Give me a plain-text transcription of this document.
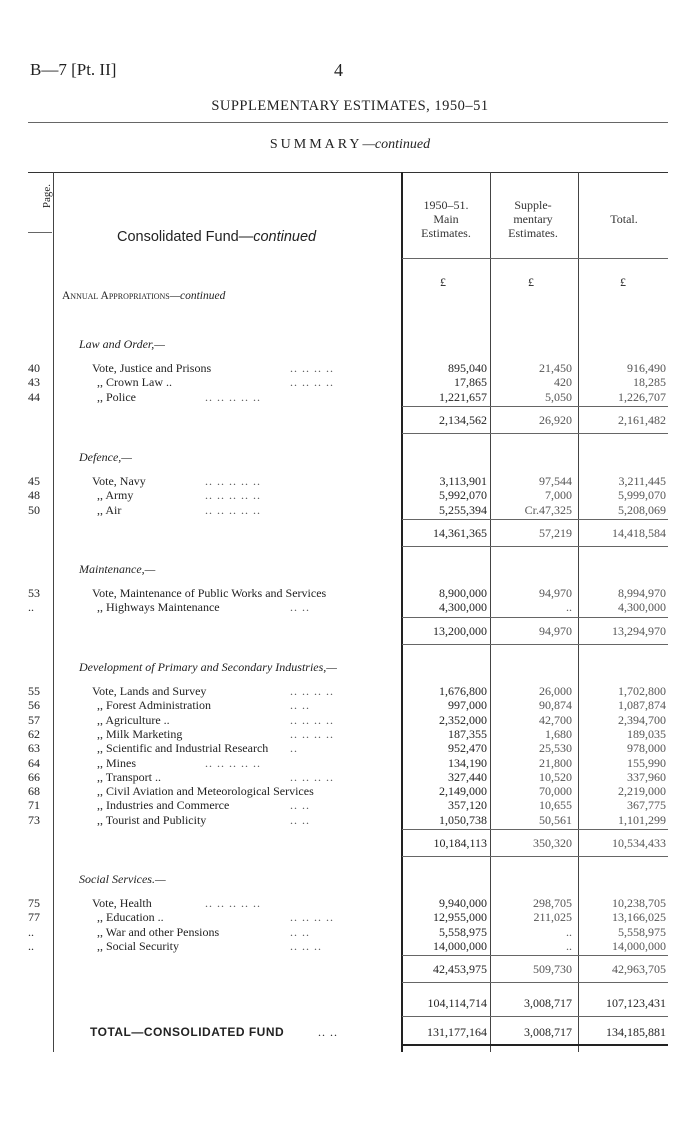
B—7 [Pt. II]	4
SUPPLEMENTARY ESTIMATES, 1950–51
SUMMARY—continued
Page.
Consolidated Fund—continued
1950–51.
Main
Estimates.
Supple-
mentary
Estimates.
Total.
£	£	£
Annual Appropriations—continued
Law and Order,—
40	Vote, Justice and Prisons	.. .. .. ..	895,040	21,450	916,490
43	,, Crown Law ..	.. .. .. ..	17,865	420	18,285
44	,, Police	.. .. .. .. ..	1,221,657	5,050	1,226,707
2,134,562	26,920	2,161,482
Defence,—
45	Vote, Navy	.. .. .. .. ..	3,113,901	97,544	3,211,445
48	,, Army	.. .. .. .. ..	5,992,070	7,000	5,999,070
50	,, Air	.. .. .. .. ..	5,255,394	Cr.47,325	5,208,069
14,361,365	57,219	14,418,584
Maintenance,—
53	Vote, Maintenance of Public Works and Services	8,900,000	94,970	8,994,970
..	,, Highways Maintenance	.. ..	4,300,000	..	4,300,000
13,200,000	94,970	13,294,970
Development of Primary and Secondary Industries,—
55	Vote, Lands and Survey	.. .. .. ..	1,676,800	26,000	1,702,800
56	,, Forest Administration	.. ..	997,000	90,874	1,087,874
57	,, Agriculture ..	.. .. .. ..	2,352,000	42,700	2,394,700
62	,, Milk Marketing	.. .. .. ..	187,355	1,680	189,035
63	,, Scientific and Industrial Research ..	952,470	25,530	978,000
64	,, Mines	.. .. .. .. ..	134,190	21,800	155,990
66	,, Transport ..	.. .. .. ..	327,440	10,520	337,960
68	,, Civil Aviation and Meteorological Services	2,149,000	70,000	2,219,000
71	,, Industries and Commerce	.. ..	357,120	10,655	367,775
73	,, Tourist and Publicity	.. ..	1,050,738	50,561	1,101,299
10,184,113	350,320	10,534,433
Social Services.—
75	Vote, Health	.. .. .. .. ..	9,940,000	298,705	10,238,705
77	,, Education ..	.. .. .. ..	12,955,000	211,025	13,166,025
..	,, War and other Pensions	.. ..	5,558,975	..	5,558,975
..	,, Social Security	.. .. ..	14,000,000	..	14,000,000
42,453,975	509,730	42,963,705
104,114,714	3,008,717	107,123,431
TOTAL—CONSOLIDATED FUND	.. ..	131,177,164	3,008,717	134,185,881
